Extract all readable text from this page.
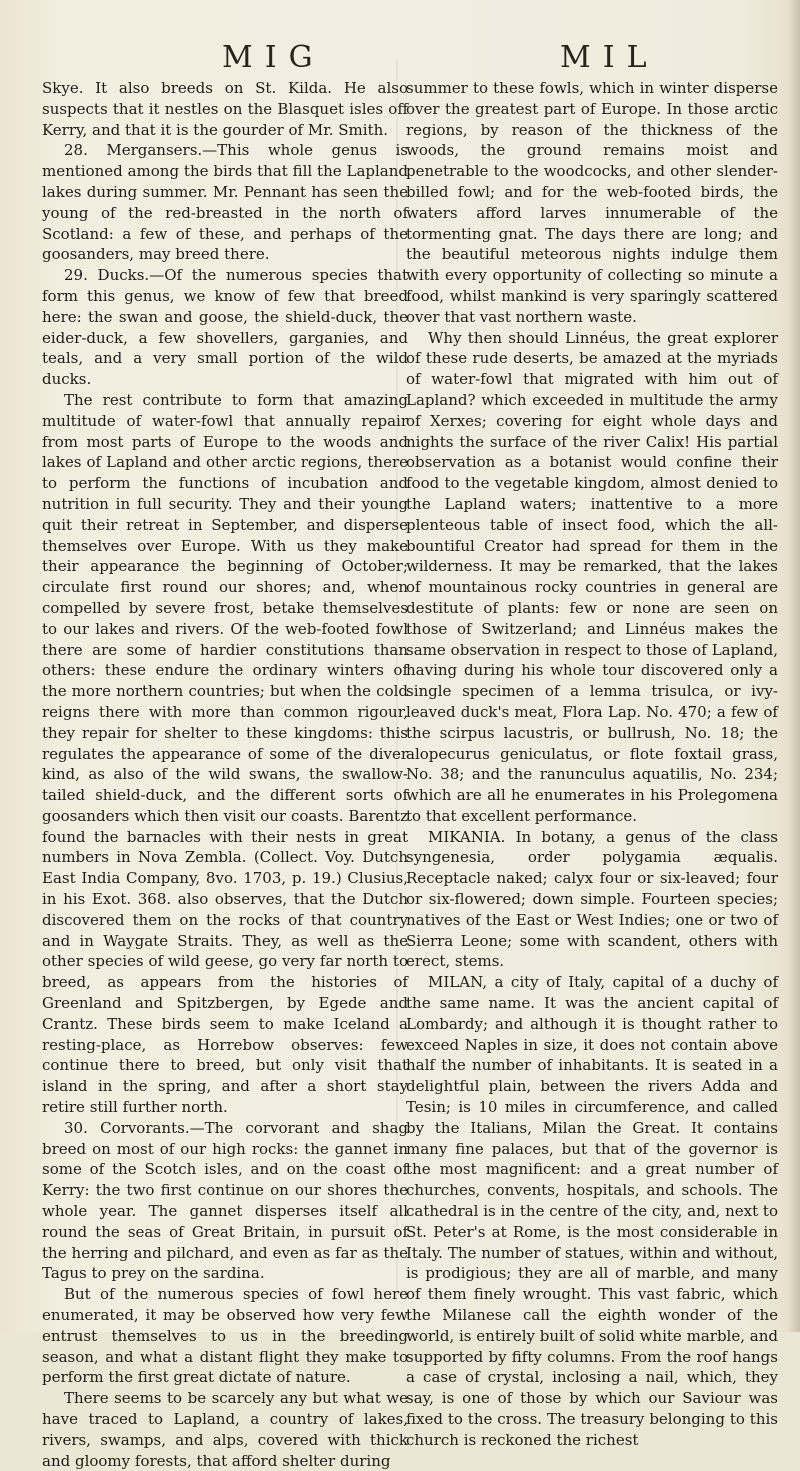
MIG	MIL

Skye. It also breeds on St. Kilda. He also suspects that it nestles on the Blasquet isles off Kerry, and that it is the gourder of Mr. Smith.

28. Mergansers.—This whole genus is mentioned among the birds that fill the Lapland lakes during summer. Mr. Pennant has seen the young of the red-breasted in the north of Scotland: a few of these, and perhaps of the goosanders, may breed there.

29. Ducks.—Of the numerous species that form this genus, we know of few that breed here: the swan and goose, the shield-duck, the eider-duck, a few shovellers, garganies, and teals, and a very small portion of the wild ducks.

The rest contribute to form that amazing multitude of water-fowl that annually repair from most parts of Europe to the woods and lakes of Lapland and other arctic regions, there to perform the functions of incubation and nutrition in full security. They and their young quit their retreat in September, and disperse themselves over Europe. With us they make their appearance the beginning of October; circulate first round our shores; and, when compelled by severe frost, betake themselves to our lakes and rivers. Of the web-footed fowl there are some of hardier constitutions than others: these endure the ordinary winters of the more northern countries; but when the cold reigns there with more than common rigour, they repair for shelter to these kingdoms: this regulates the appearance of some of the diver kind, as also of the wild swans, the swallow-tailed shield-duck, and the different sorts of goosanders which then visit our coasts. Barentz found the barnacles with their nests in great numbers in Nova Zembla. (Collect. Voy. Dutch East India Company, 8vo. 1703, p. 19.) Clusius, in his Exot. 368. also observes, that the Dutch discovered them on the rocks of that country and in Waygate Straits. They, as well as the other species of wild geese, go very far north to breed, as appears from the histories of Greenland and Spitzbergen, by Egede and Crantz. These birds seem to make Iceland a resting-place, as Horrebow observes: few continue there to breed, but only visit that island in the spring, and after a short stay retire still further north.

30. Corvorants.—The corvorant and shag breed on most of our high rocks: the gannet in some of the Scotch isles, and on the coast of Kerry: the two first continue on our shores the whole year. The gannet disperses itself all round the seas of Great Britain, in pursuit of the herring and pilchard, and even as far as the Tagus to prey on the sardina.

But of the numerous species of fowl here enumerated, it may be observed how very few entrust themselves to us in the breeding season, and what a distant flight they make to perform the first great dictate of nature.

There seems to be scarcely any but what we have traced to Lapland, a country of lakes, rivers, swamps, and alps, covered with thick and gloomy forests, that afford shelter during

summer to these fowls, which in winter disperse over the greatest part of Europe. In those arctic regions, by reason of the thickness of the woods, the ground remains moist and penetrable to the woodcocks, and other slender-billed fowl; and for the web-footed birds, the waters afford larves innumerable of the tormenting gnat. The days there are long; and the beautiful meteorous nights indulge them with every opportunity of collecting so minute a food, whilst mankind is very sparingly scattered over that vast northern waste.

Why then should Linnéus, the great explorer of these rude deserts, be amazed at the myriads of water-fowl that migrated with him out of Lapland? which exceeded in multitude the army of Xerxes; covering for eight whole days and nights the surface of the river Calix! His partial observation as a botanist would confine their food to the vegetable kingdom, almost denied to the Lapland waters; inattentive to a more plenteous table of insect food, which the all-bountiful Creator had spread for them in the wilderness. It may be remarked, that the lakes of mountainous rocky countries in general are destitute of plants: few or none are seen on those of Switzerland; and Linnéus makes the same observation in respect to those of Lapland, having during his whole tour discovered only a single specimen of a lemma trisulca, or ivy-leaved duck's meat, Flora Lap. No. 470; a few of the scirpus lacustris, or bullrush, No. 18; the alopecurus geniculatus, or flote foxtail grass, No. 38; and the ranunculus aquatilis, No. 234; which are all he enumerates in his Prolegomena to that excellent performance.

MIKANIA. In botany, a genus of the class syngenesia, order polygamia æqualis. Receptacle naked; calyx four or six-leaved; four or six-flowered; down simple. Fourteen species; natives of the East or West Indies; one or two of Sierra Leone; some with scandent, others with erect, stems.

MILAN, a city of Italy, capital of a duchy of the same name. It was the ancient capital of Lombardy; and although it is thought rather to exceed Naples in size, it does not contain above half the number of inhabitants. It is seated in a delightful plain, between the rivers Adda and Tesin; is 10 miles in circumference, and called by the Italians, Milan the Great. It contains many fine palaces, but that of the governor is the most magnificent: and a great number of churches, convents, hospitals, and schools. The cathedral is in the centre of the city, and, next to St. Peter's at Rome, is the most considerable in Italy. The number of statues, within and without, is prodigious; they are all of marble, and many of them finely wrought. This vast fabric, which the Milanese call the eighth wonder of the world, is entirely built of solid white marble, and supported by fifty columns. From the roof hangs a case of crystal, inclosing a nail, which, they say, is one of those by which our Saviour was fixed to the cross. The treasury belonging to this church is reckoned the richest
